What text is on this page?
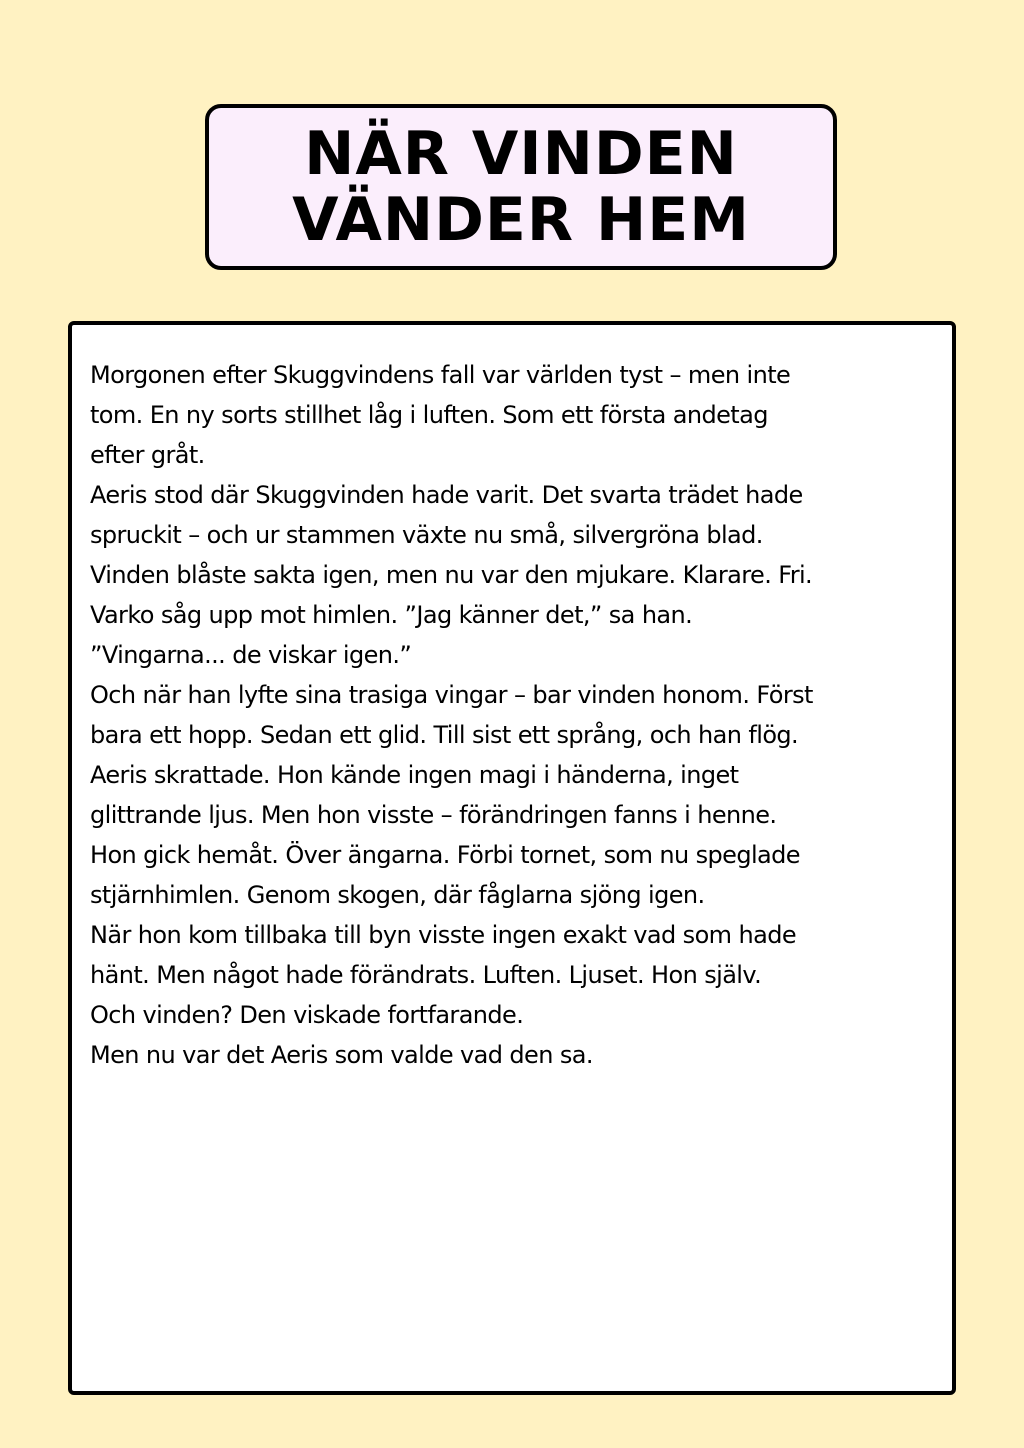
NÄR VINDEN
VÄNDER HEM
Morgonen efter Skuggvindens fall var världen tyst – men inte
tom. En ny sorts stillhet låg i luften. Som ett första andetag
efter gråt.
Aeris stod där Skuggvinden hade varit. Det svarta trädet hade
spruckit – och ur stammen växte nu små, silvergröna blad.
Vinden blåste sakta igen, men nu var den mjukare. Klarare. Fri.
Varko såg upp mot himlen. ”Jag känner det,” sa han.
”Vingarna... de viskar igen.”
Och när han lyfte sina trasiga vingar – bar vinden honom. Först
bara ett hopp. Sedan ett glid. Till sist ett språng, och han flög.
Aeris skrattade. Hon kände ingen magi i händerna, inget
glittrande ljus. Men hon visste – förändringen fanns i henne.
Hon gick hemåt. Över ängarna. Förbi tornet, som nu speglade
stjärnhimlen. Genom skogen, där fåglarna sjöng igen.
När hon kom tillbaka till byn visste ingen exakt vad som hade
hänt. Men något hade förändrats. Luften. Ljuset. Hon själv.
Och vinden? Den viskade fortfarande.
Men nu var det Aeris som valde vad den sa.
